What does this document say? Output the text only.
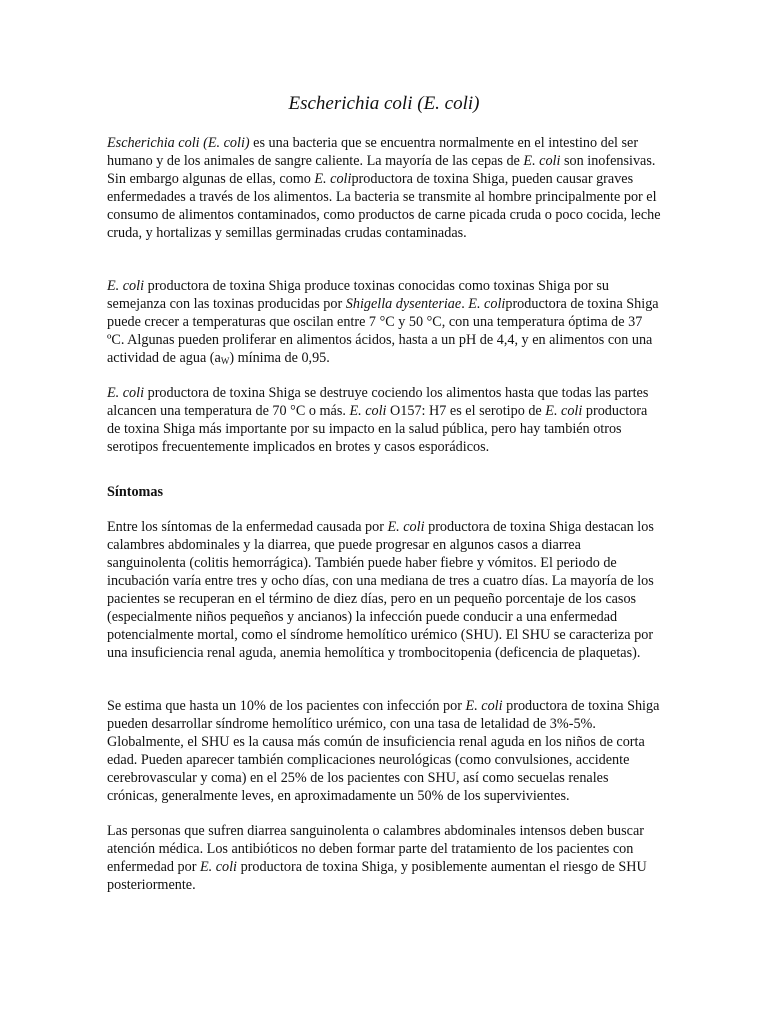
Escherichia coli (E. coli)

Escherichia coli (E. coli) es una bacteria que se encuentra normalmente en el intestino del ser humano y de los animales de sangre caliente. La mayoría de las cepas de E. coli son inofensivas. Sin embargo algunas de ellas, como E. coliproductora de toxina Shiga, pueden causar graves enfermedades a través de los alimentos. La bacteria se transmite al hombre principalmente por el consumo de alimentos contaminados, como productos de carne picada cruda o poco cocida, leche cruda, y hortalizas y semillas germinadas crudas contaminadas.

E. coli productora de toxina Shiga produce toxinas conocidas como toxinas Shiga por su semejanza con las toxinas producidas por Shigella dysenteriae. E. coliproductora de toxina Shiga puede crecer a temperaturas que oscilan entre 7 °C y 50 °C, con una temperatura óptima de 37 ºC. Algunas pueden proliferar en alimentos ácidos, hasta a un pH de 4,4, y en alimentos con una actividad de agua $(a_W)$ mínima de 0,95.

E. coli productora de toxina Shiga se destruye cociendo los alimentos hasta que todas las partes alcancen una temperatura de 70 °C o más. E. coli O157: H7 es el serotipo de E. coli productora de toxina Shiga más importante por su impacto en la salud pública, pero hay también otros serotipos frecuentemente implicados en brotes y casos esporádicos.

Síntomas

Entre los síntomas de la enfermedad causada por E. coli productora de toxina Shiga destacan los calambres abdominales y la diarrea, que puede progresar en algunos casos a diarrea sanguinolenta (colitis hemorrágica). También puede haber fiebre y vómitos. El periodo de incubación varía entre tres y ocho días, con una mediana de tres a cuatro días. La mayoría de los pacientes se recuperan en el término de diez días, pero en un pequeño porcentaje de los casos (especialmente niños pequeños y ancianos) la infección puede conducir a una enfermedad potencialmente mortal, como el síndrome hemolítico urémico (SHU). El SHU se caracteriza por una insuficiencia renal aguda, anemia hemolítica y trombocitopenia (deficencia de plaquetas).

Se estima que hasta un 10% de los pacientes con infección por E. coli productora de toxina Shiga pueden desarrollar síndrome hemolítico urémico, con una tasa de letalidad de 3%-5%. Globalmente, el SHU es la causa más común de insuficiencia renal aguda en los niños de corta edad. Pueden aparecer también complicaciones neurológicas (como convulsiones, accidente cerebrovascular y coma) en el 25% de los pacientes con SHU, así como secuelas renales crónicas, generalmente leves, en aproximadamente un 50% de los supervivientes.

Las personas que sufren diarrea sanguinolenta o calambres abdominales intensos deben buscar atención médica. Los antibióticos no deben formar parte del tratamiento de los pacientes con enfermedad por E. coli productora de toxina Shiga, y posiblemente aumentan el riesgo de SHU posteriormente.
